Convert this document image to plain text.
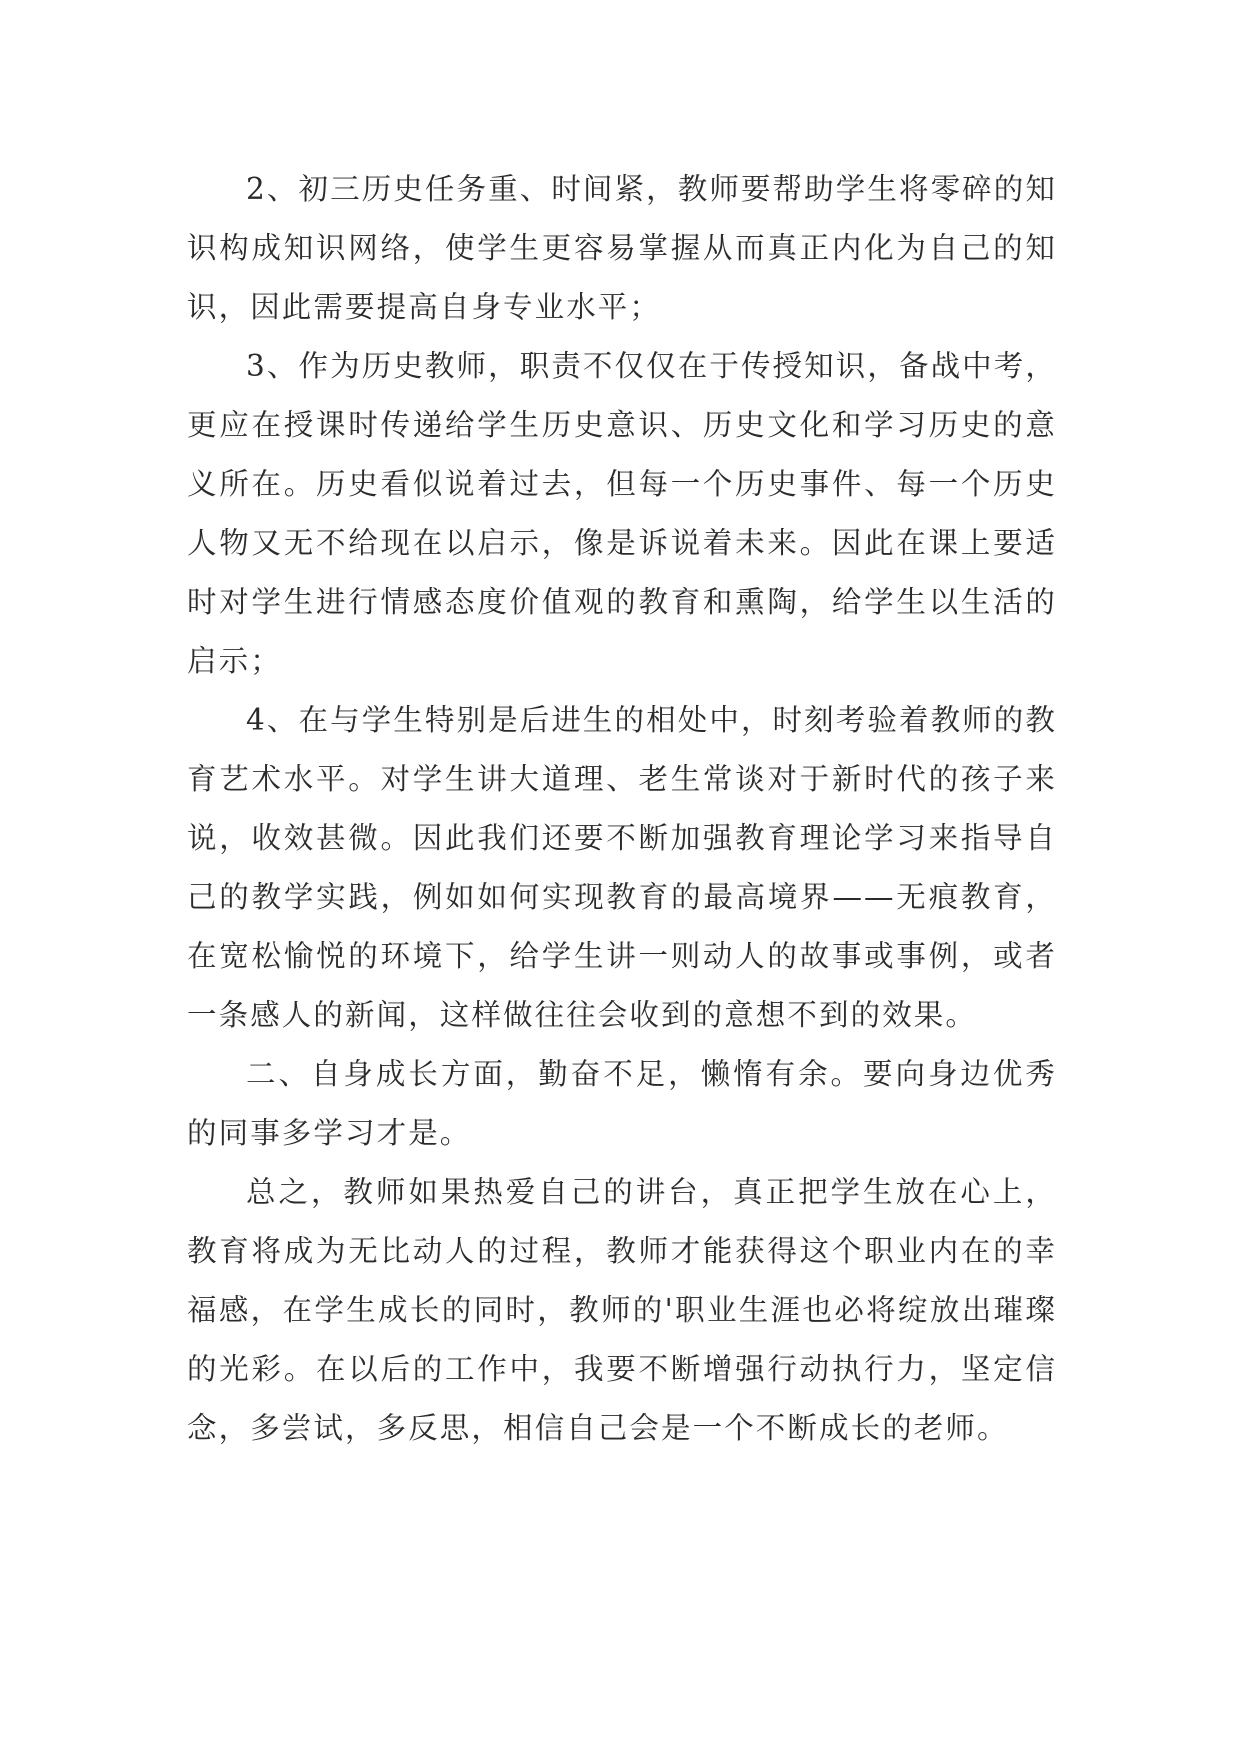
2、初三历史任务重、时间紧，教师要帮助学生将零碎的知识构成知识网络，使学生更容易掌握从而真正内化为自己的知识，因此需要提高自身专业水平；

3、作为历史教师，职责不仅仅在于传授知识，备战中考，更应在授课时传递给学生历史意识、历史文化和学习历史的意义所在。历史看似说着过去，但每一个历史事件、每一个历史人物又无不给现在以启示，像是诉说着未来。因此在课上要适时对学生进行情感态度价值观的教育和熏陶，给学生以生活的启示；

4、在与学生特别是后进生的相处中，时刻考验着教师的教育艺术水平。对学生讲大道理、老生常谈对于新时代的孩子来说，收效甚微。因此我们还要不断加强教育理论学习来指导自己的教学实践，例如如何实现教育的最高境界——无痕教育，在宽松愉悦的环境下，给学生讲一则动人的故事或事例，或者一条感人的新闻，这样做往往会收到的意想不到的效果。

二、自身成长方面，勤奋不足，懒惰有余。要向身边优秀的同事多学习才是。

总之，教师如果热爱自己的讲台，真正把学生放在心上，教育将成为无比动人的过程，教师才能获得这个职业内在的幸福感，在学生成长的同时，教师的'职业生涯也必将绽放出璀璨的光彩。在以后的工作中，我要不断增强行动执行力，坚定信念，多尝试，多反思，相信自己会是一个不断成长的老师。
